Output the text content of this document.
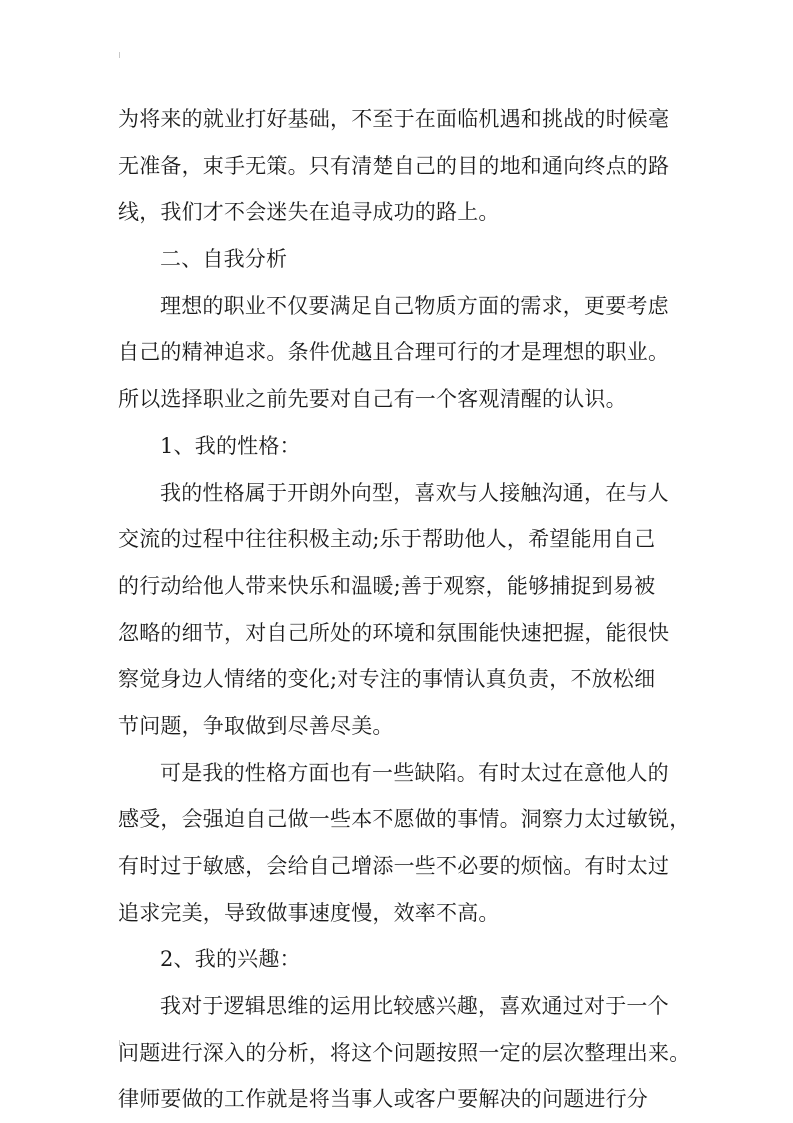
为将来的就业打好基础，不至于在面临机遇和挑战的时候毫
无准备，束手无策。只有清楚自己的目的地和通向终点的路
线，我们才不会迷失在追寻成功的路上。
二、自我分析
理想的职业不仅要满足自己物质方面的需求，更要考虑
自己的精神追求。条件优越且合理可行的才是理想的职业。
所以选择职业之前先要对自己有一个客观清醒的认识。
1、我的性格：
我的性格属于开朗外向型，喜欢与人接触沟通，在与人
交流的过程中往往积极主动;乐于帮助他人，希望能用自己
的行动给他人带来快乐和温暖;善于观察，能够捕捉到易被
忽略的细节，对自己所处的环境和氛围能快速把握，能很快
察觉身边人情绪的变化;对专注的事情认真负责，不放松细
节问题，争取做到尽善尽美。
可是我的性格方面也有一些缺陷。有时太过在意他人的
感受，会强迫自己做一些本不愿做的事情。洞察力太过敏锐，
有时过于敏感，会给自己增添一些不必要的烦恼。有时太过
追求完美，导致做事速度慢，效率不高。
2、我的兴趣：
我对于逻辑思维的运用比较感兴趣，喜欢通过对于一个
问题进行深入的分析，将这个问题按照一定的层次整理出来。
律师要做的工作就是将当事人或客户要解决的问题进行分
